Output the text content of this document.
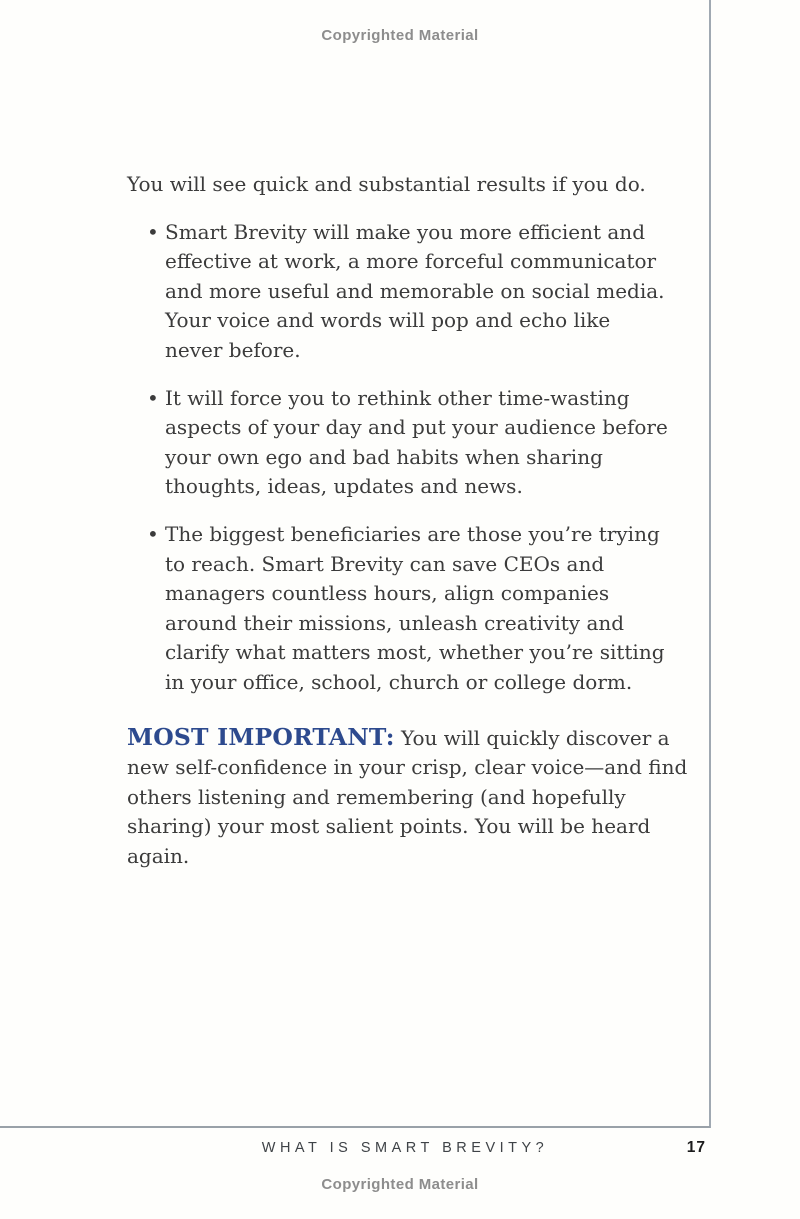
Copyrighted Material

You will see quick and substantial results if you do.

• Smart Brevity will make you more efficient and effective at work, a more forceful communicator and more useful and memorable on social media. Your voice and words will pop and echo like never before.
• It will force you to rethink other time-wasting aspects of your day and put your audience before your own ego and bad habits when sharing thoughts, ideas, updates and news.
• The biggest beneficiaries are those you’re trying to reach. Smart Brevity can save CEOs and managers countless hours, align companies around their missions, unleash creativity and clarify what matters most, whether you’re sitting in your office, school, church or college dorm.

MOST IMPORTANT: You will quickly discover a new self-confidence in your crisp, clear voice—and find others listening and remembering (and hopefully sharing) your most salient points. You will be heard again.

WHAT IS SMART BREVITY?	17
Copyrighted Material
